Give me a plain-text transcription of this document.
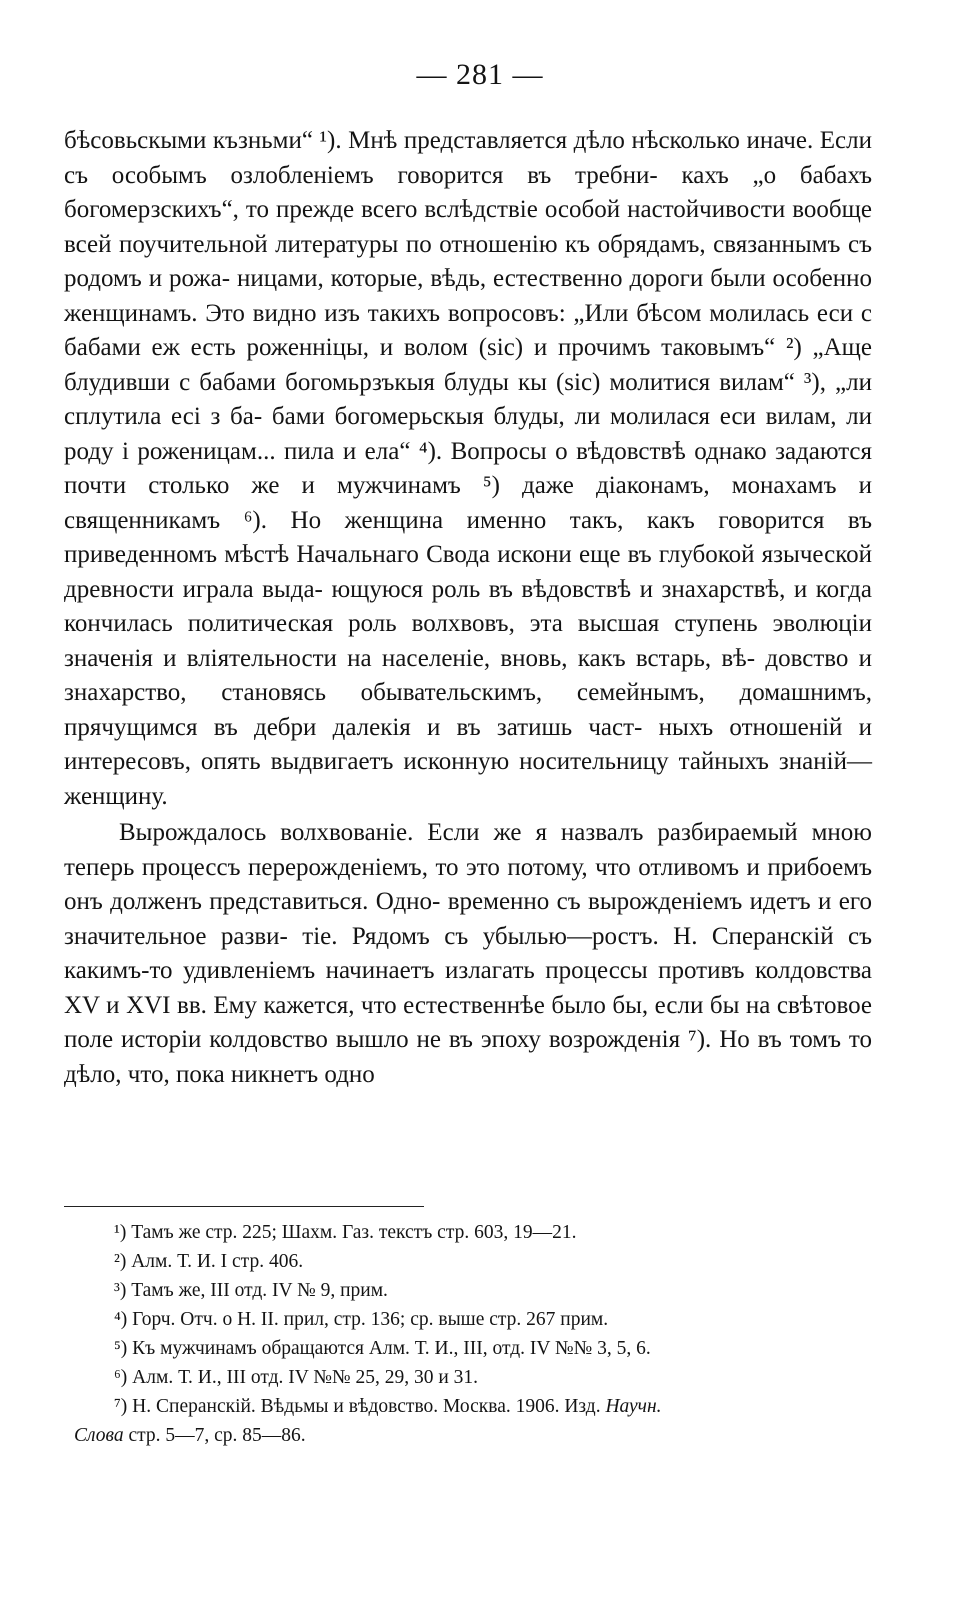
— 281 —

бѣсовьскыми къзньми“ ¹). Мнѣ представляется дѣло нѣсколько иначе. Если съ особымъ озлобленіемъ говорится въ требни- кахъ „о бабахъ богомерзскихъ“, то прежде всего вслѣдствіе особой настойчивости вообще всей поучительной литературы по отношенію къ обрядамъ, связаннымъ съ родомъ и рожа- ницами, которые, вѣдь, естественно дороги были особенно женщинамъ. Это видно изъ такихъ вопросовъ: „Или бѣсом молилась еси с бабами еж есть роженніцы, и волом (sic) и прочимъ таковымъ“ ²) „Аще блудивши с бабами богомьрзъкыя блуды кы (sic) молитися вилам“ ³), „ли сплутила есі з ба- бами богомерьскыя блуды, ли молилася еси вилам, ли роду і роженицам... пила и ела“ ⁴). Вопросы о вѣдовствѣ однако задаются почти столько же и мужчинамъ ⁵) даже діаконамъ, монахамъ и священникамъ ⁶). Но женщина именно такъ, какъ говорится въ приведенномъ мѣстѣ Начальнаго Свода искони еще въ глубокой языческой древности играла выда- ющуюся роль въ вѣдовствѣ и знахарствѣ, и когда кончилась политическая роль волхвовъ, эта высшая ступень эволюціи значенія и вліятельности на населеніе, вновь, какъ встарь, вѣ- довство и знахарство, становясь обывательскимъ, семейнымъ, домашнимъ, прячущимся въ дебри далекія и въ затишь част- ныхъ отношеній и интересовъ, опять выдвигаетъ исконную носительницу тайныхъ знаній—женщину.

Вырождалось волхвованіе. Если же я назвалъ разбираемый мною теперь процессъ перерожденіемъ, то это потому, что отливомъ и прибоемъ онъ долженъ представиться. Одно- временно съ вырожденіемъ идетъ и его значительное разви- тіе. Рядомъ съ убылью—ростъ. Н. Сперанскій съ какимъ-то удивленіемъ начинаетъ излагать процессы противъ колдовства XV и XVI вв. Ему кажется, что естественнѣе было бы, если бы на свѣтовое поле исторіи колдовство вышло не въ эпоху возрожденія ⁷). Но въ томъ то дѣло, что, пока никнетъ одно

¹) Тамъ же стр. 225; Шахм. Газ. текстъ стр. 603, 19—21.

²) Алм. Т. И. I стр. 406.

³) Тамъ же, III отд. IV № 9, прим.

⁴) Горч. Отч. о Н. II. прил, стр. 136; ср. выше стр. 267 прим.

⁵) Къ мужчинамъ обращаются Алм. Т. И., III, отд. IV №№ 3, 5, 6.

⁶) Алм. Т. И., III отд. IV №№ 25, 29, 30 и 31.

⁷) Н. Сперанскій. Вѣдьмы и вѣдовство. Москва. 1906. Изд. Научн.

Слова стр. 5—7, ср. 85—86.
